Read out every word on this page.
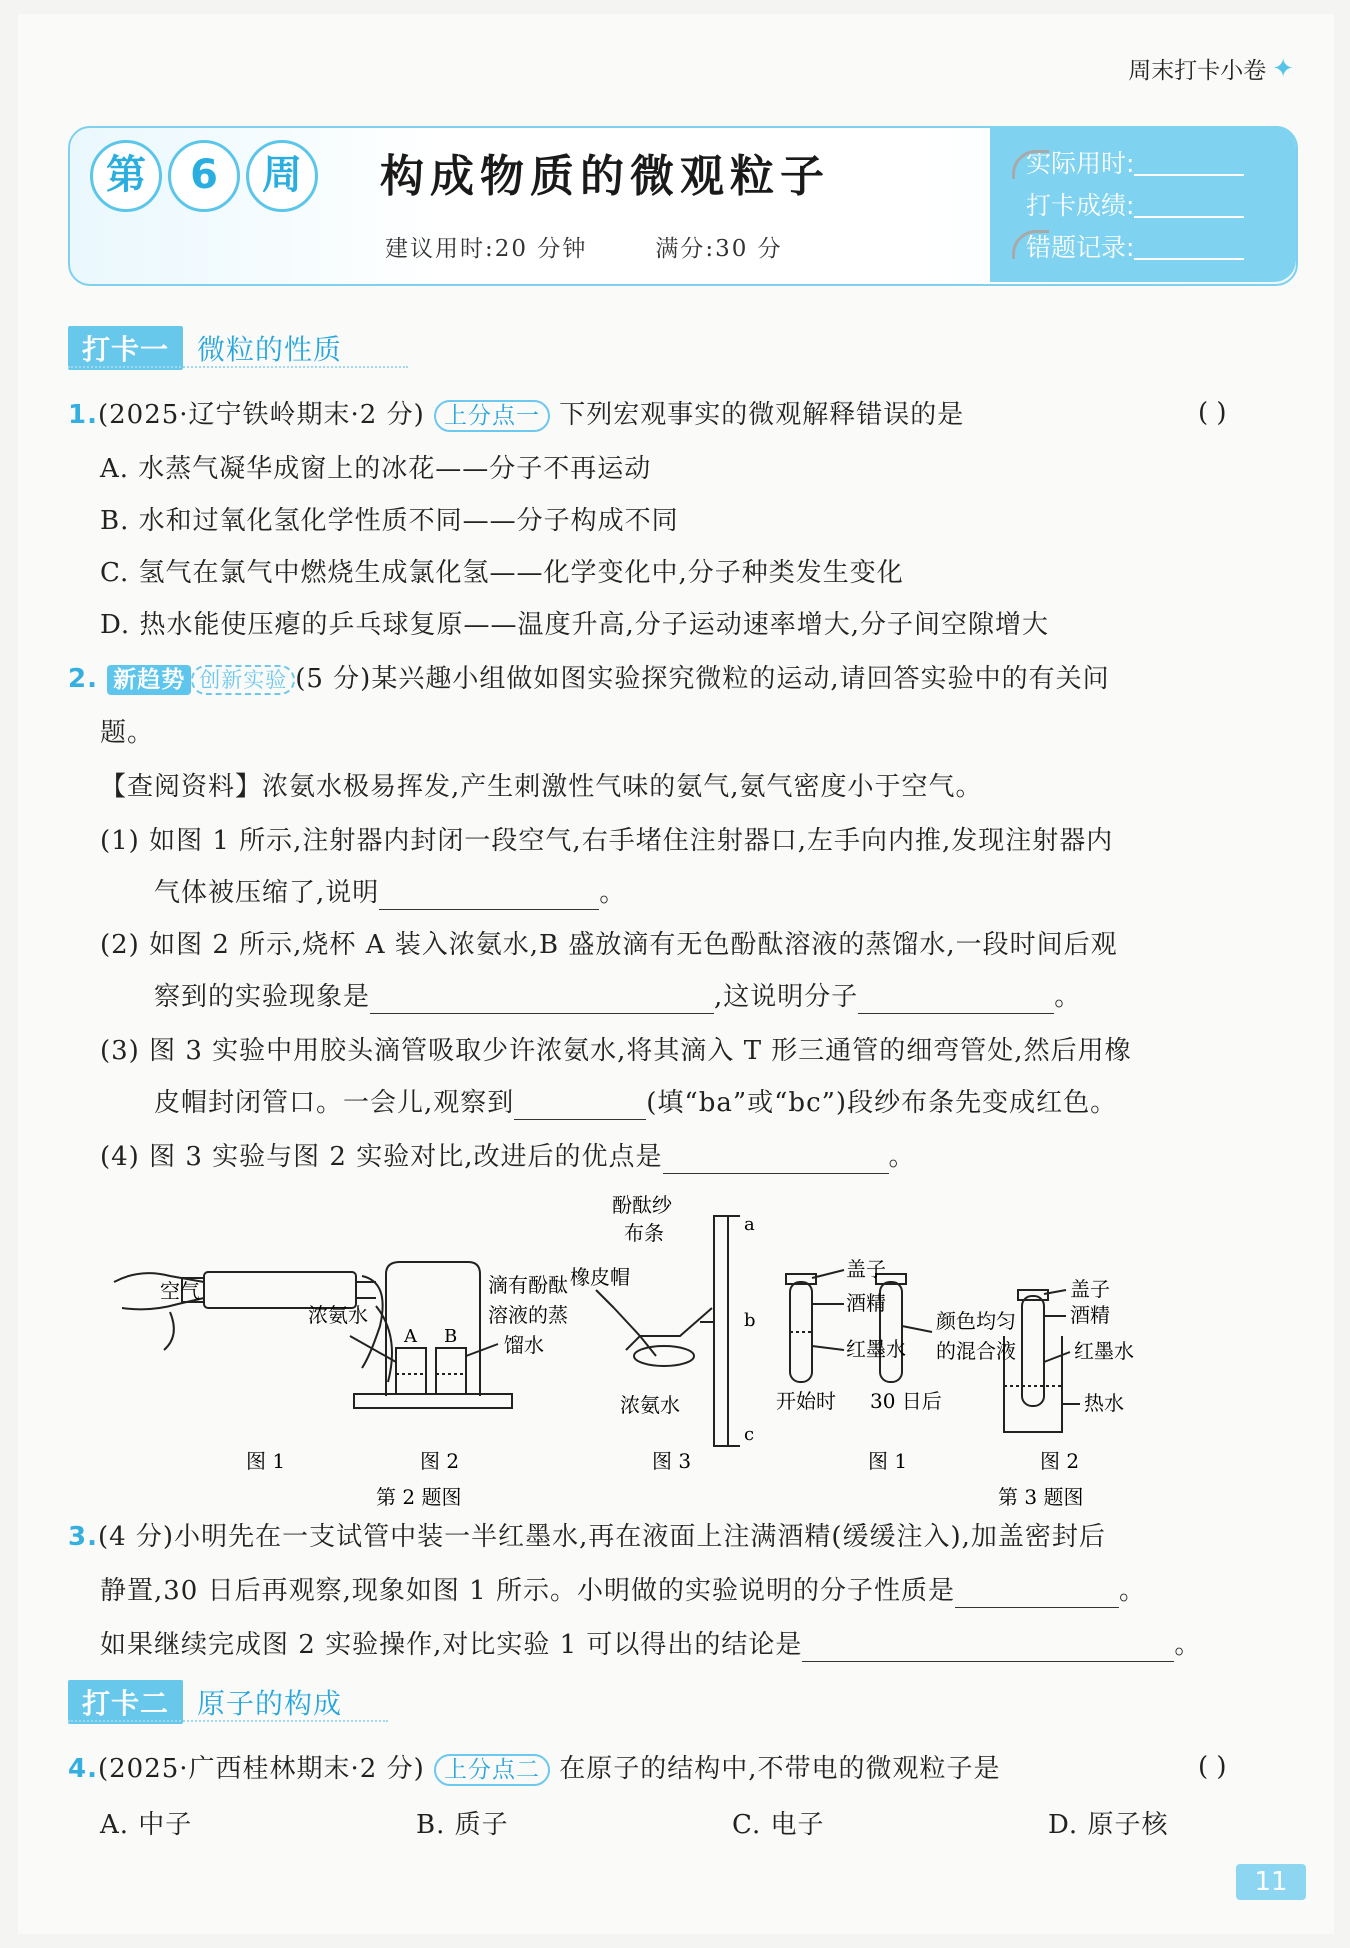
周末打卡小卷 ✦
第	6	周	构成物质的微观粒子
建议用时:20 分钟	满分:30 分
实际用时:
打卡成绩:
错题记录:
打卡一	微粒的性质
1.(2025·辽宁铁岭期末·2 分) 上分点一 下列宏观事实的微观解释错误的是	( )
A. 水蒸气凝华成窗上的冰花——分子不再运动
B. 水和过氧化氢化学性质不同——分子构成不同
C. 氢气在氯气中燃烧生成氯化氢——化学变化中,分子种类发生变化
D. 热水能使压瘪的乒乓球复原——温度升高,分子运动速率增大,分子间空隙增大
2. 新趋势 创新实验 (5 分)某兴趣小组做如图实验探究微粒的运动,请回答实验中的有关问
题。
【查阅资料】浓氨水极易挥发,产生刺激性气味的氨气,氨气密度小于空气。
(1) 如图 1 所示,注射器内封闭一段空气,右手堵住注射器口,左手向内推,发现注射器内
气体被压缩了,说明	。
(2) 如图 2 所示,烧杯 A 装入浓氨水,B 盛放滴有无色酚酞溶液的蒸馏水,一段时间后观
察到的实验现象是	,这说明分子	。
(3) 图 3 实验中用胶头滴管吸取少许浓氨水,将其滴入 T 形三通管的细弯管处,然后用橡
皮帽封闭管口。一会儿,观察到	(填“ba”或“bc”)段纱布条先变成红色。
(4) 图 3 实验与图 2 实验对比,改进后的优点是	。
空气
图 1
浓氨水
A B
滴有酚酞
溶液的蒸
馏水
图 2
酚酞纱
布条
橡皮帽
浓氨水
a
b
c
图 3
第 2 题图
盖子
酒精
红墨水
开始时 30 日后
颜色均匀
的混合液
图 1
盖子
酒精
红墨水
热水
图 2
第 3 题图
3.(4 分)小明先在一支试管中装一半红墨水,再在液面上注满酒精(缓缓注入),加盖密封后
静置,30 日后再观察,现象如图 1 所示。小明做的实验说明的分子性质是	。
如果继续完成图 2 实验操作,对比实验 1 可以得出的结论是	。
打卡二	原子的构成
4.(2025·广西桂林期末·2 分) 上分点二 在原子的结构中,不带电的微观粒子是	( )
A. 中子	B. 质子	C. 电子	D. 原子核
11
